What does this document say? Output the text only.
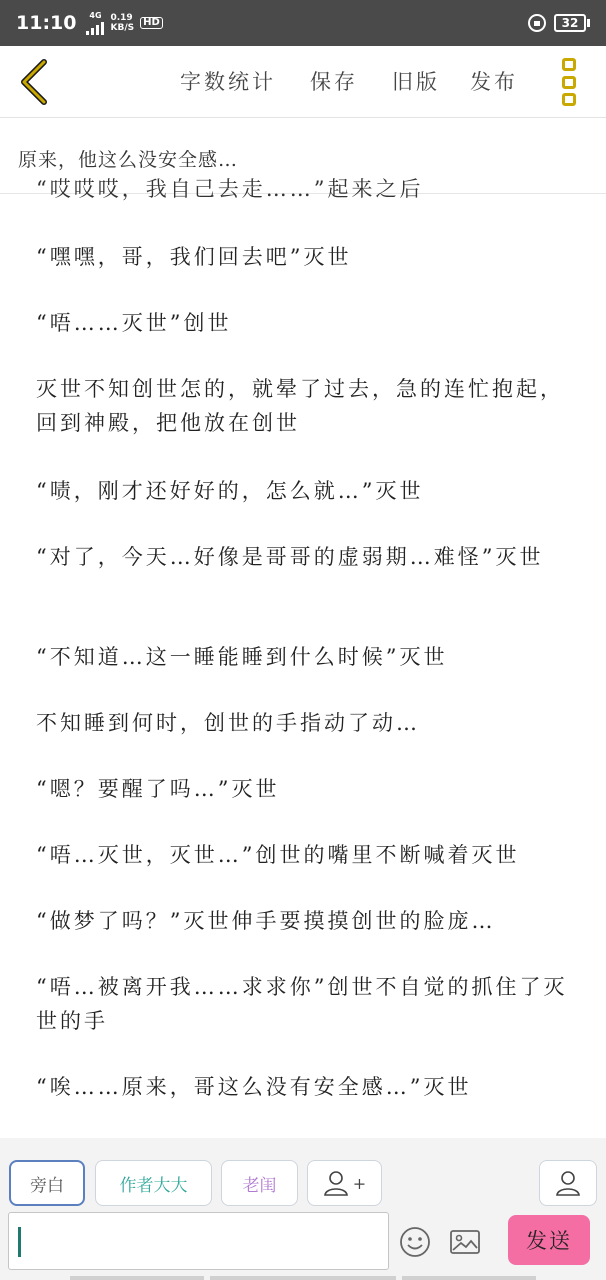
11:10 4G 0.19
KB/S HD	32
字数统计 保存 旧版 发布
原来，他这么没安全感…

“哎哎哎，我自己去走……”起来之后

“嘿嘿，哥，我们回去吧”灭世

“唔……灭世”创世

灭世不知创世怎的，就晕了过去，急的连忙抱起，回到神殿，把他放在创世

“啧，刚才还好好的，怎么就…”灭世

“对了，今天…好像是哥哥的虚弱期…难怪”灭世

“不知道…这一睡能睡到什么时候”灭世

不知睡到何时，创世的手指动了动…

“嗯？要醒了吗…”灭世

“唔…灭世，灭世…”创世的嘴里不断喊着灭世

“做梦了吗？”灭世伸手要摸摸创世的脸庞…

“唔…被离开我……求求你”创世不自觉的抓住了灭世的手

“唉……原来，哥这么没有安全感…”灭世

旁白	作者大大	老闺	+
发送
